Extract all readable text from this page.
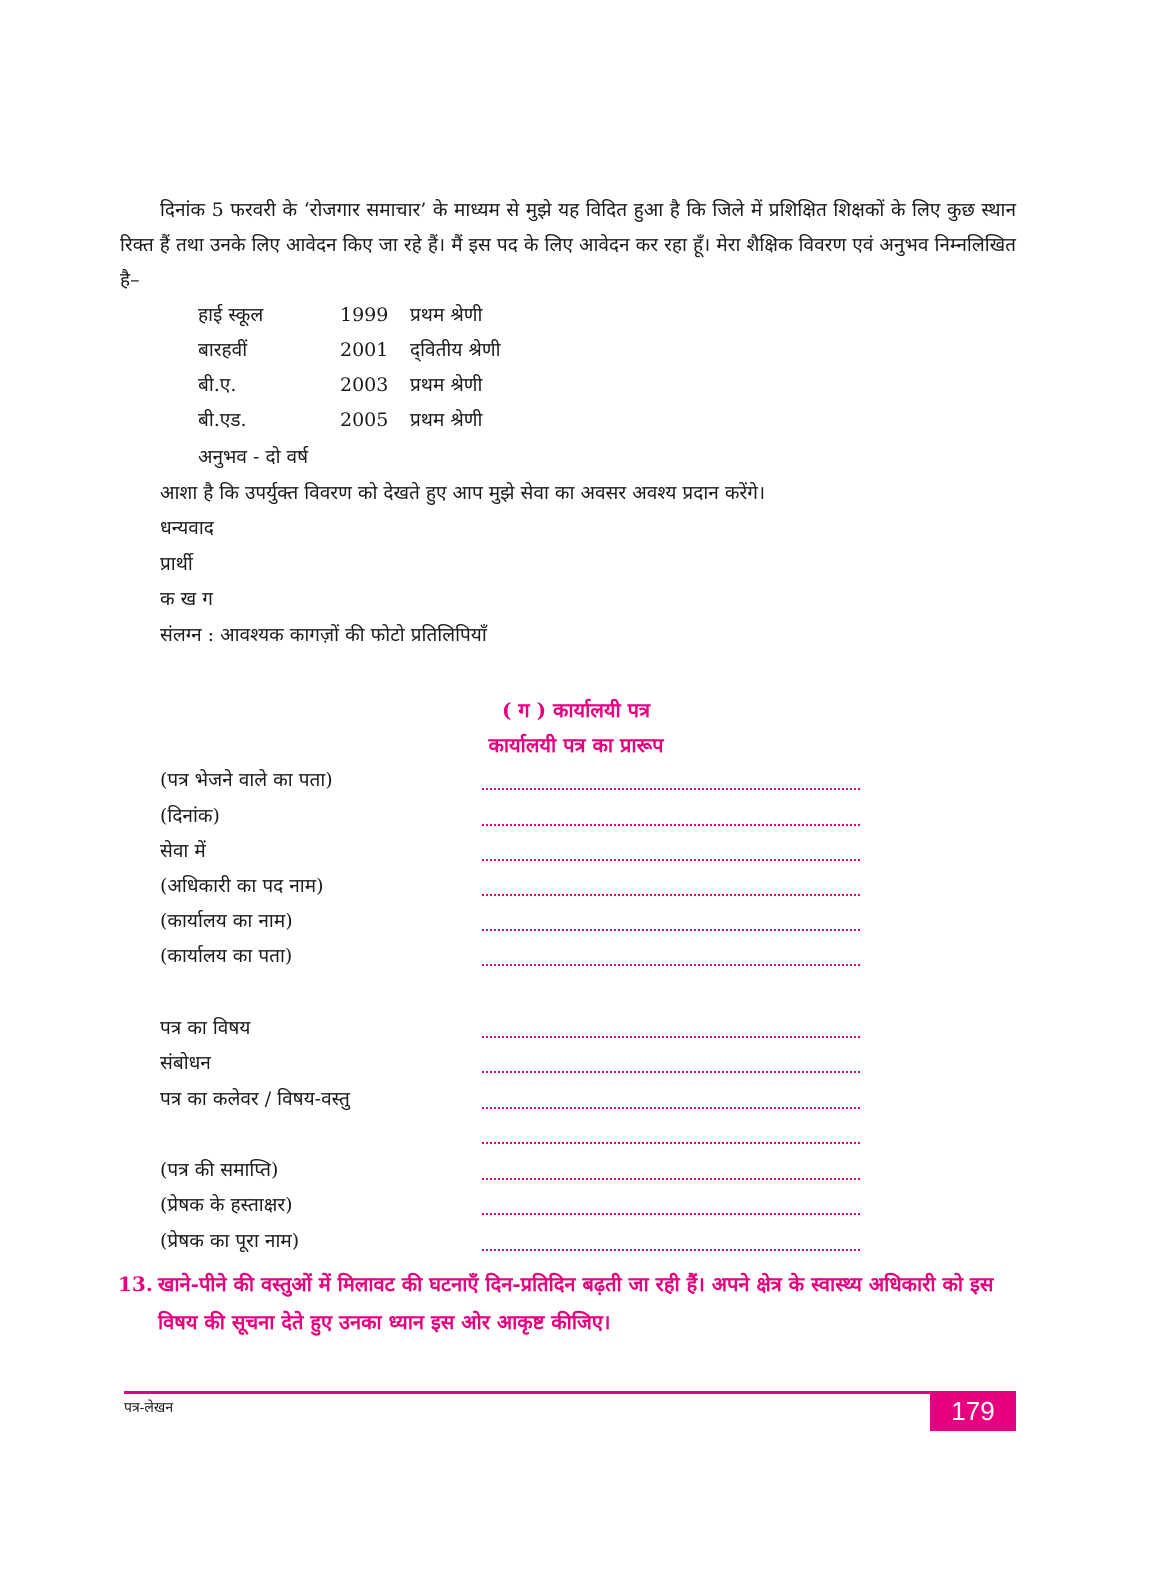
दिनांक 5 फरवरी के ‘रोजगार समाचार’ के माध्यम से मुझे यह विदित हुआ है कि जिले में प्रशिक्षित शिक्षकों के लिए कुछ स्थान रिक्त हैं तथा उनके लिए आवेदन किए जा रहे हैं। मैं इस पद के लिए आवेदन कर रहा हूँ। मेरा शैक्षिक विवरण एवं अनुभव निम्नलिखित है–

हाई स्कूल	1999 प्रथम श्रेणी
बारहवीं	2001 द्‌वितीय श्रेणी
बी.ए.	2003 प्रथम श्रेणी
बी.एड.	2005 प्रथम श्रेणी
अनुभव - दो वर्ष
आशा है कि उपर्युक्त विवरण को देखते हुए आप मुझे सेवा का अवसर अवश्य प्रदान करेंगे।
धन्यवाद
प्रार्थी
क ख ग
संलग्न : आवश्यक कागज़ों की फोटो प्रतिलिपियाँ
( ग ) कार्यालयी पत्र
कार्यालयी पत्र का प्रारूप
(पत्र भेजने वाले का पता)
(दिनांक)
सेवा में
(अधिकारी का पद नाम)
(कार्यालय का नाम)
(कार्यालय का पता)
पत्र का विषय
संबोधन
पत्र का कलेवर / विषय-वस्तु
(पत्र की समाप्ति)
(प्रेषक के हस्ताक्षर)
(प्रेषक का पूरा नाम)
13. खाने-पीने की वस्तुओं में मिलावट की घटनाएँ दिन-प्रतिदिन बढ़ती जा रही हैं। अपने क्षेत्र के स्वास्थ्य अधिकारी को इस विषय की सूचना देते हुए उनका ध्यान इस ओर आकृष्ट कीजिए।
पत्र-लेखन	179
